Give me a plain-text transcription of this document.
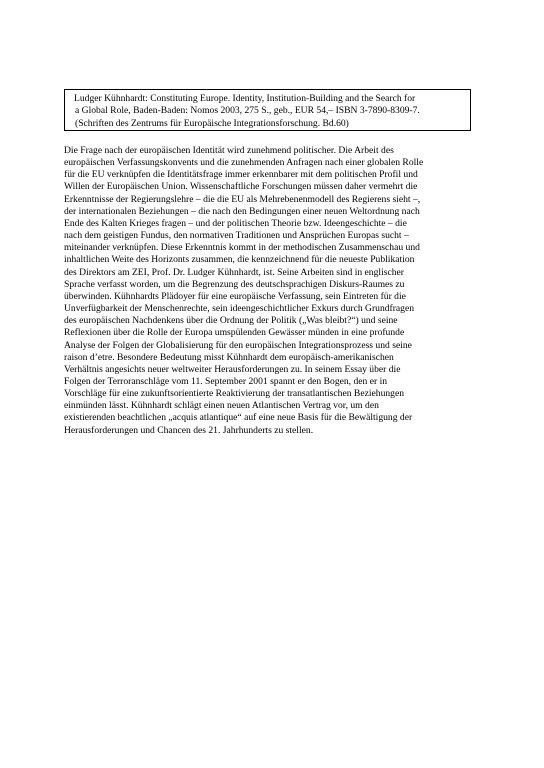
Ludger Kühnhardt: Constituting Europe. Identity, Institution-Building and the Search for
a Global Role, Baden-Baden: Nomos 2003, 275 S., geb., EUR 54,– ISBN 3-7890-8309-7.
(Schriften des Zentrums für Europäische Integrationsforschung. Bd.60)
Die Frage nach der europäischen Identität wird zunehmend politischer. Die Arbeit des
europäischen Verfassungskonvents und die zunehmenden Anfragen nach einer globalen Rolle
für die EU verknüpfen die Identitätsfrage immer erkennbarer mit dem politischen Profil und
Willen der Europäischen Union. Wissenschaftliche Forschungen müssen daher vermehrt die
Erkenntnisse der Regierungslehre – die die EU als Mehrebenenmodell des Regierens sieht –,
der internationalen Beziehungen – die nach den Bedingungen einer neuen Weltordnung nach
Ende des Kalten Krieges fragen – und der politischen Theorie bzw. Ideengeschichte – die
nach dem geistigen Fundus, den normativen Traditionen und Ansprüchen Europas sucht –
miteinander verknüpfen. Diese Erkenntnis kommt in der methodischen Zusammenschau und
inhaltlichen Weite des Horizonts zusammen, die kennzeichnend für die neueste Publikation
des Direktors am ZEI, Prof. Dr. Ludger Kühnhardt, ist. Seine Arbeiten sind in englischer
Sprache verfasst worden, um die Begrenzung des deutschsprachigen Diskurs-Raumes zu
überwinden. Kühnhardts Plädoyer für eine europäische Verfassung, sein Eintreten für die
Unverfügbarkeit der Menschenrechte, sein ideengeschichtlicher Exkurs durch Grundfragen
des europäischen Nachdenkens über die Ordnung der Politik („Was bleibt?“) und seine
Reflexionen über die Rolle der Europa umspülenden Gewässer münden in eine profunde
Analyse der Folgen der Globalisierung für den europäischen Integrationsprozess und seine
raison d’etre. Besondere Bedeutung misst Kühnhardt dem europäisch-amerikanischen
Verhältnis angesichts neuer weltweiter Herausforderungen zu. In seinem Essay über die
Folgen der Terroranschläge vom 11. September 2001 spannt er den Bogen, den er in
Vorschläge für eine zukunftsorientierte Reaktivierung der transatlantischen Beziehungen
einmünden lässt. Kühnhardt schlägt einen neuen Atlantischen Vertrag vor, um den
existierenden beachtlichen „acquis atlantique“ auf eine neue Basis für die Bewältigung der
Herausforderungen und Chancen des 21. Jahrhunderts zu stellen.
